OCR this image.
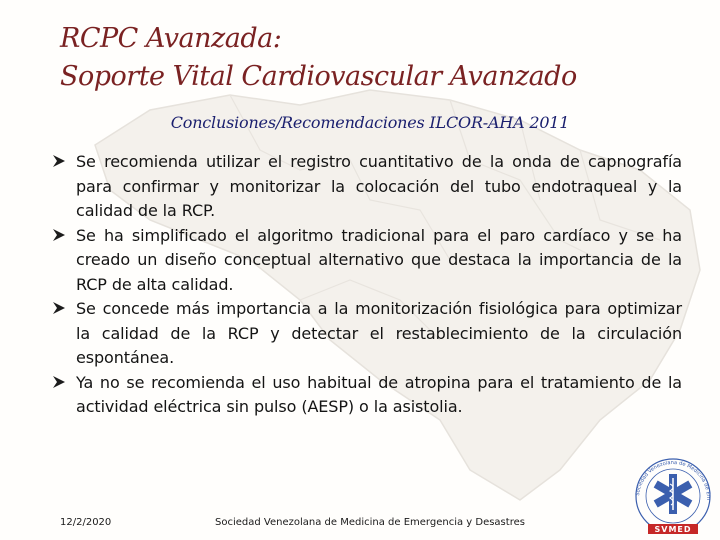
RCPC Avanzada:
Soporte Vital Cardiovascular Avanzado
Conclusiones/Recomendaciones ILCOR-AHA 2011
Se recomienda utilizar el registro cuantitativo de la onda de capnografía para confirmar y monitorizar la colocación del tubo endotraqueal y la calidad de la RCP.
Se ha simplificado el algoritmo tradicional para el paro cardíaco y se ha creado un diseño conceptual alternativo que destaca la importancia de la RCP de alta calidad.
Se concede más importancia a la monitorización fisiológica para optimizar la calidad de la RCP y detectar el restablecimiento de la circulación espontánea.
Ya no se recomienda el uso habitual de atropina para el tratamiento de la actividad eléctrica sin pulso (AESP) o la asistolia.
12/2/2020	Sociedad Venezolana de Medicina de Emergencia y Desastres
Sociedad Venezolana de Medicina de Em
SVMED
